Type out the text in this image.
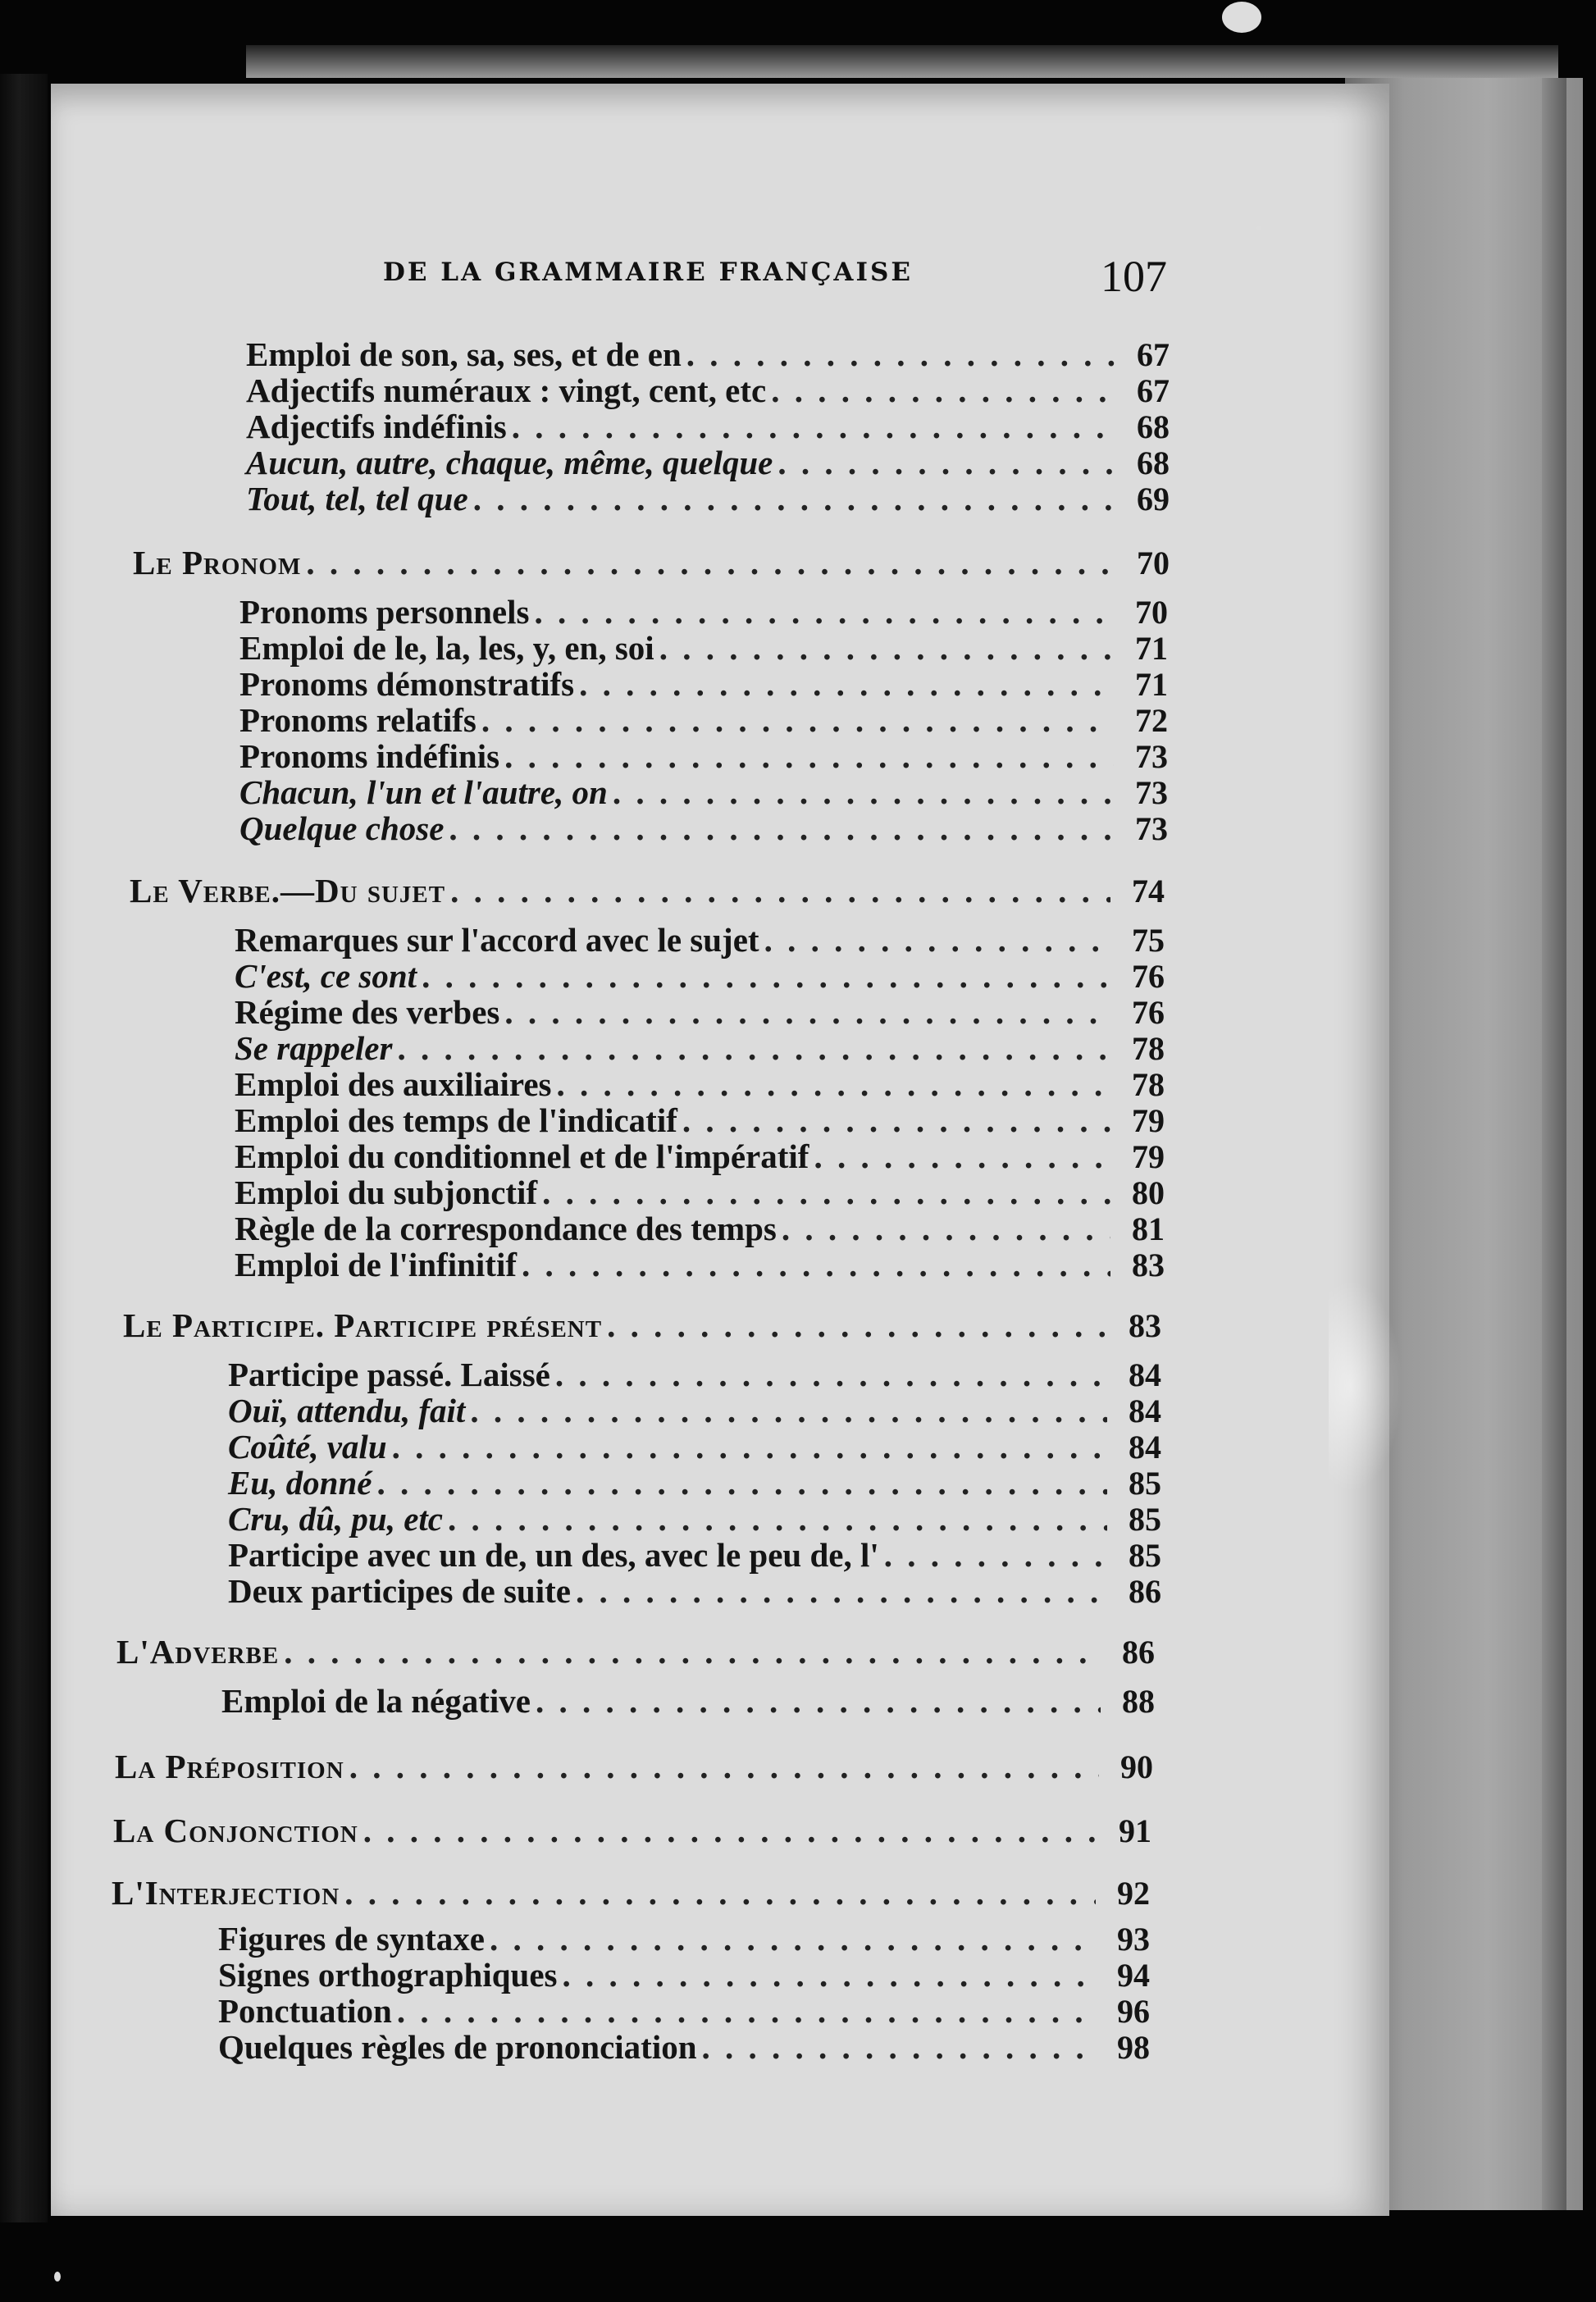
DE LA GRAMMAIRE FRANÇAISE	107
Emploi de son, sa, ses, et de en . . .	67
Adjectifs numéraux : vingt, cent, etc . . .	67
Adjectifs indéfinis . . .	68
Aucun, autre, chaque, même, quelque . . .	68
Tout, tel, tel que . . .	69
Le Pronom . . .	70
Pronoms personnels . . .	70
Emploi de le, la, les, y, en, soi . . .	71
Pronoms démonstratifs . . .	71
Pronoms relatifs . . .	72
Pronoms indéfinis . . .	73
Chacun, l'un et l'autre, on . . .	73
Quelque chose . . .	73
Le Verbe.—Du sujet . . .	74
Remarques sur l'accord avec le sujet . . .	75
C'est, ce sont . . .	76
Régime des verbes . . .	76
Se rappeler . . .	78
Emploi des auxiliaires . . .	78
Emploi des temps de l'indicatif . . .	79
Emploi du conditionnel et de l'impératif . . .	79
Emploi du subjonctif . . .	80
Règle de la correspondance des temps . . .	81
Emploi de l'infinitif . . .	83
Le Participe. Participe présent . . .	83
Participe passé. Laissé . . .	84
Ouï, attendu, fait . . .	84
Coûté, valu . . .	84
Eu, donné . . .	85
Cru, dû, pu, etc . . .	85
Participe avec un de, un des, avec le peu de, l' . . .	85
Deux participes de suite . . .	86
L'Adverbe . . .	86
Emploi de la négative . . .	88
La Préposition . . .	90
La Conjonction . . .	91
L'Interjection . . .	92
Figures de syntaxe . . .	93
Signes orthographiques . . .	94
Ponctuation . . .	96
Quelques règles de prononciation . . .	98
